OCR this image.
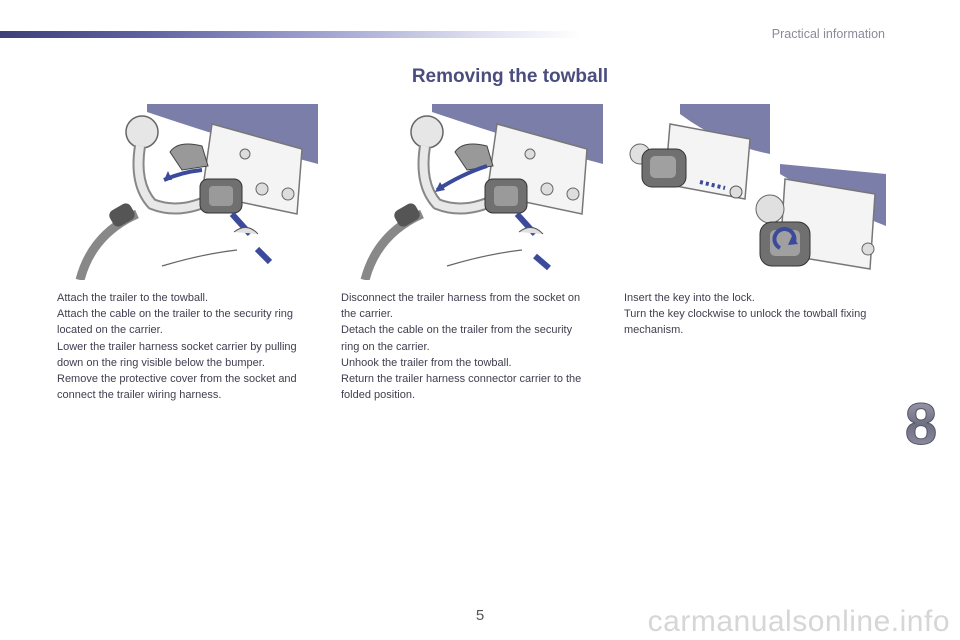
Practical information
Removing the towball

Attach the trailer to the towball.

Attach the cable on the trailer to the security ring located on the carrier.

Lower the trailer harness socket carrier by pulling down on the ring visible below the bumper.

Remove the protective cover from the socket and connect the trailer wiring harness.

Disconnect the trailer harness from the socket on the carrier.

Detach the cable on the trailer from the security ring on the carrier.

Unhook the trailer from the towball.

Return the trailer harness connector carrier to the folded position.

Insert the key into the lock.

Turn the key clockwise to unlock the towball fixing mechanism.

8
5	carmanualsonline.info
